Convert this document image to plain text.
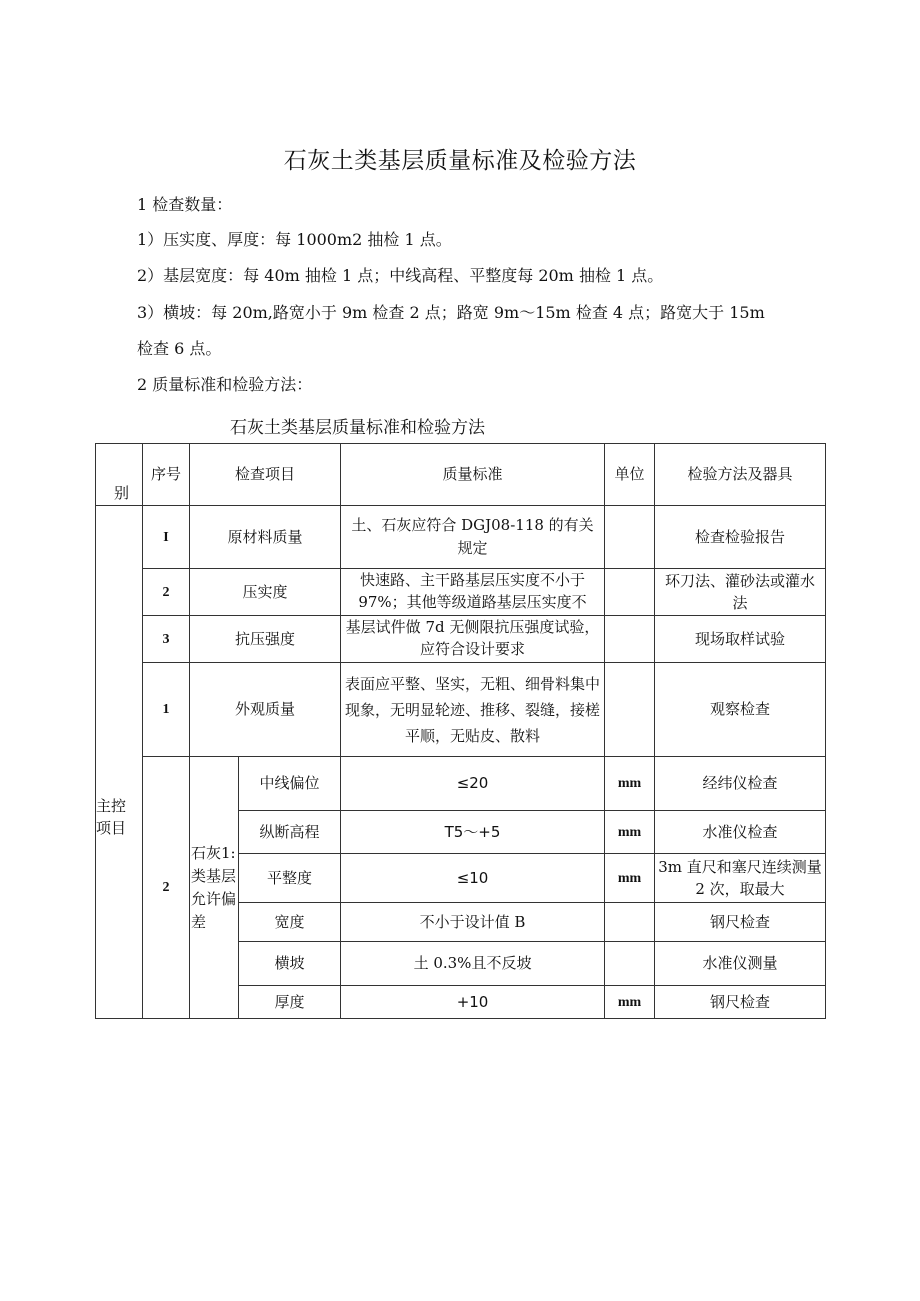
石灰土类基层质量标准及检验方法
1 检查数量：
1）压实度、厚度：每 1000m2 抽检 1 点。
2）基层宽度：每 40m 抽检 1 点；中线高程、平整度每 20m 抽检 1 点。
3）横坡：每 20m,路宽小于 9m 检查 2 点；路宽 9m～15m 检查 4 点；路宽大于 15m
检查 6 点。
2 质量标准和检验方法：
石灰土类基层质量标准和检验方法
别	序号	检查项目		质量标准	单位	检验方法及器具

主控项目	I	原材料质量		土、石灰应符合 DGJ08-118 的有关规定		检查检验报告
	2	压实度		快速路、主干路基层压实度不小于 97%；其他等级道路基层压实度不		环刀法、灌砂法或灌水法
	3	抗压强度		基层试件做 7d 无侧限抗压强度试验，应符合设计要求		现场取样试验
	1	外观质量		表面应平整、坚实，无粗、细骨料集中现象，无明显轮迹、推移、裂缝，接槎平顺，无贴皮、散料		观察检查
	2	石灰1:类基层允许偏差	中线偏位	≤20	mm	经纬仪检查
			纵断高程	T5～+5	mm	水准仪检查
			平整度	≤10	mm	3m 直尺和塞尺连续测量 2 次，取最大
			宽度	不小于设计值 B		钢尺检查
			横坡	土 0.3%且不反坡		水准仪测量
			厚度	+10	mm	钢尺检查
